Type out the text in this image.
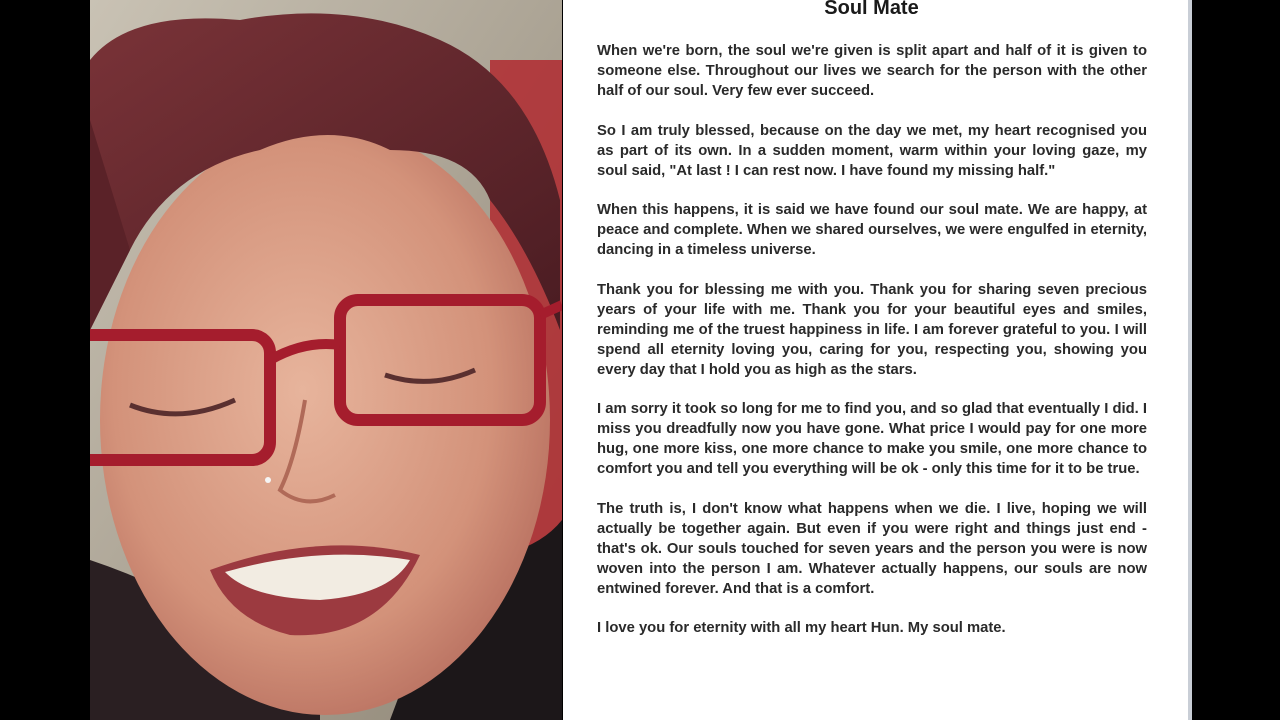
Soul Mate

When we're born, the soul we're given is split apart and half of it is given to someone else. Throughout our lives we search for the person with the other half of our soul. Very few ever succeed.

So I am truly blessed, because on the day we met, my heart recognised you as part of its own. In a sudden moment, warm within your loving gaze, my soul said, "At last ! I can rest now. I have found my missing half."

When this happens, it is said we have found our soul mate. We are happy, at peace and complete. When we shared ourselves, we were engulfed in eternity, dancing in a timeless universe.

Thank you for blessing me with you. Thank you for sharing seven precious years of your life with me. Thank you for your beautiful eyes and smiles, reminding me of the truest happiness in life. I am forever grateful to you. I will spend all eternity loving you, caring for you, respecting you, showing you every day that I hold you as high as the stars.

I am sorry it took so long for me to find you, and so glad that eventually I did. I miss you dreadfully now you have gone. What price I would pay for one more hug, one more kiss, one more chance to make you smile, one more chance to comfort you and tell you everything will be ok - only this time for it to be true.

The truth is, I don't know what happens when we die. I live, hoping we will actually be together again. But even if you were right and things just end - that's ok. Our souls touched for seven years and the person you were is now woven into the person I am. Whatever actually happens, our souls are now entwined forever. And that is a comfort.

I love you for eternity with all my heart Hun. My soul mate.
